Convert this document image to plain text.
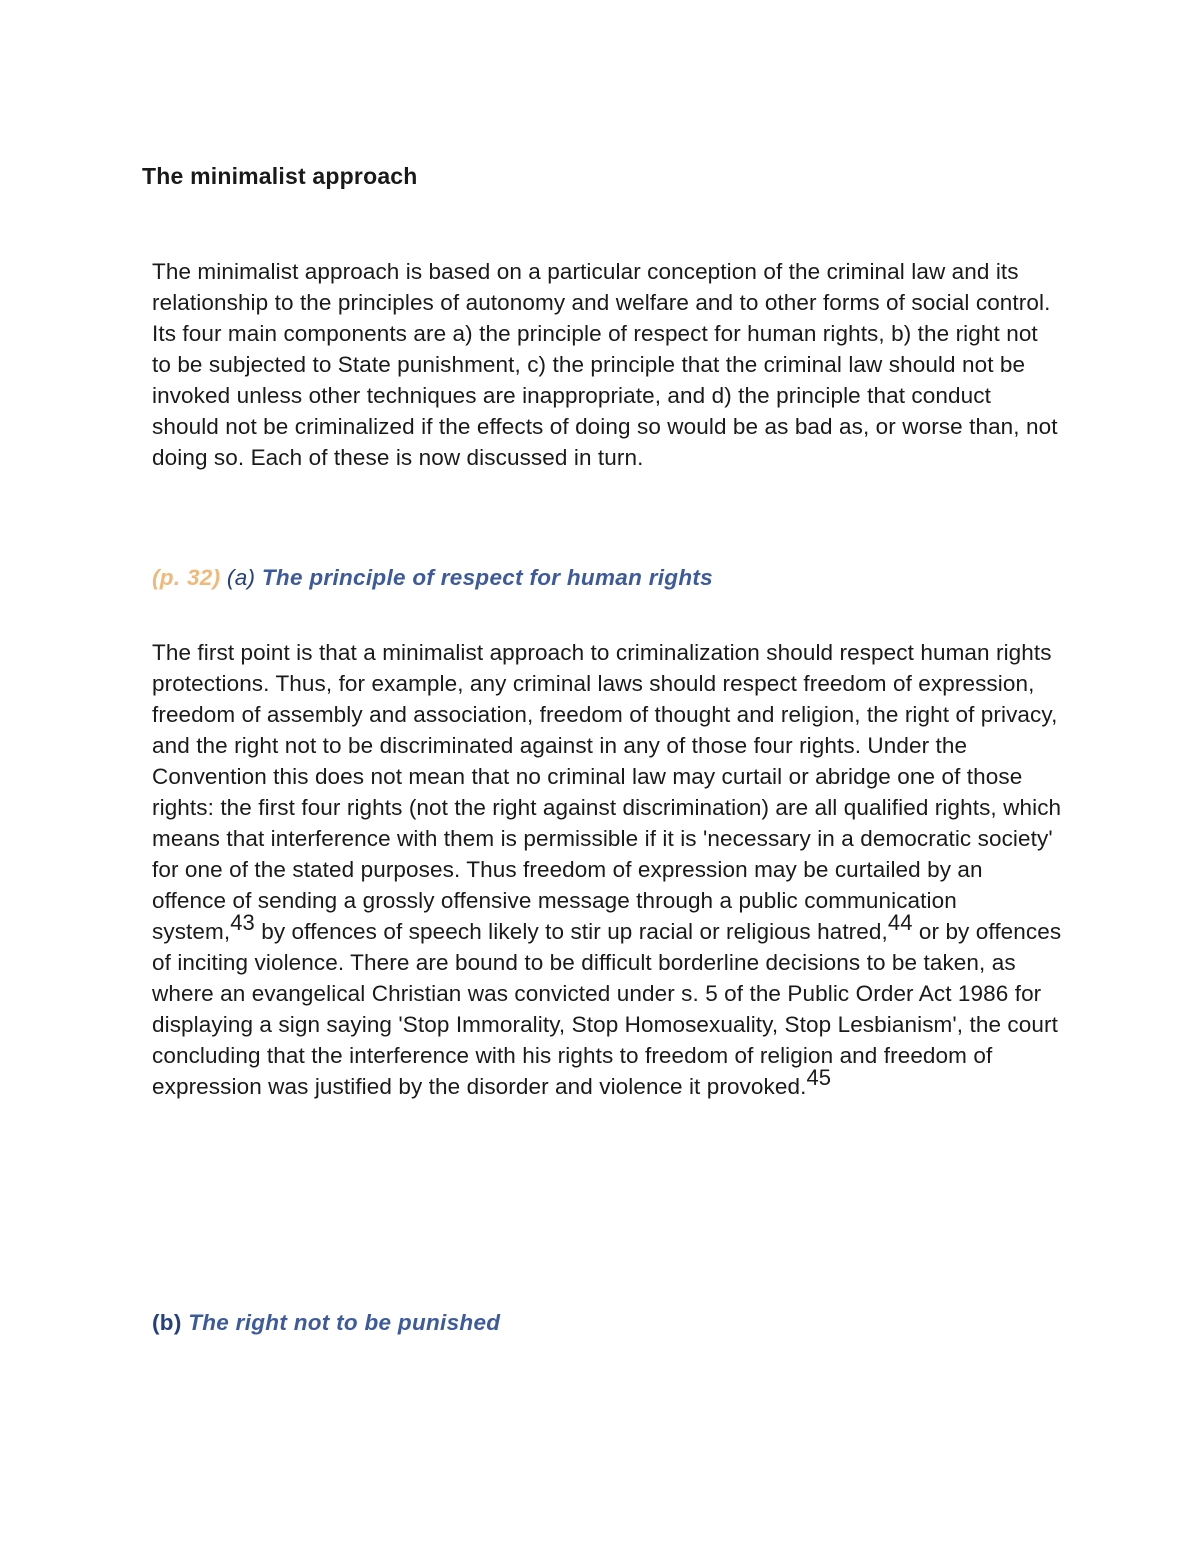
The minimalist approach

The minimalist approach is based on a particular conception of the criminal law and its relationship to the principles of autonomy and welfare and to other forms of social control. Its four main components are a) the principle of respect for human rights, b) the right not to be subjected to State punishment, c) the principle that the criminal law should not be invoked unless other techniques are inappropriate, and d) the principle that conduct should not be criminalized if the effects of doing so would be as bad as, or worse than, not doing so. Each of these is now discussed in turn.

(p. 32) (a) The principle of respect for human rights

The first point is that a minimalist approach to criminalization should respect human rights protections. Thus, for example, any criminal laws should respect freedom of expression, freedom of assembly and association, freedom of thought and religion, the right of privacy, and the right not to be discriminated against in any of those four rights. Under the Convention this does not mean that no criminal law may curtail or abridge one of those rights: the first four rights (not the right against discrimination) are all qualified rights, which means that interference with them is permissible if it is 'necessary in a democratic society' for one of the stated purposes. Thus freedom of expression may be curtailed by an offence of sending a grossly offensive message through a public communication system,43 by offences of speech likely to stir up racial or religious hatred,44 or by offences of inciting violence. There are bound to be difficult borderline decisions to be taken, as where an evangelical Christian was convicted under s. 5 of the Public Order Act 1986 for displaying a sign saying 'Stop Immorality, Stop Homosexuality, Stop Lesbianism', the court concluding that the interference with his rights to freedom of religion and freedom of expression was justified by the disorder and violence it provoked.45

(b) The right not to be punished
